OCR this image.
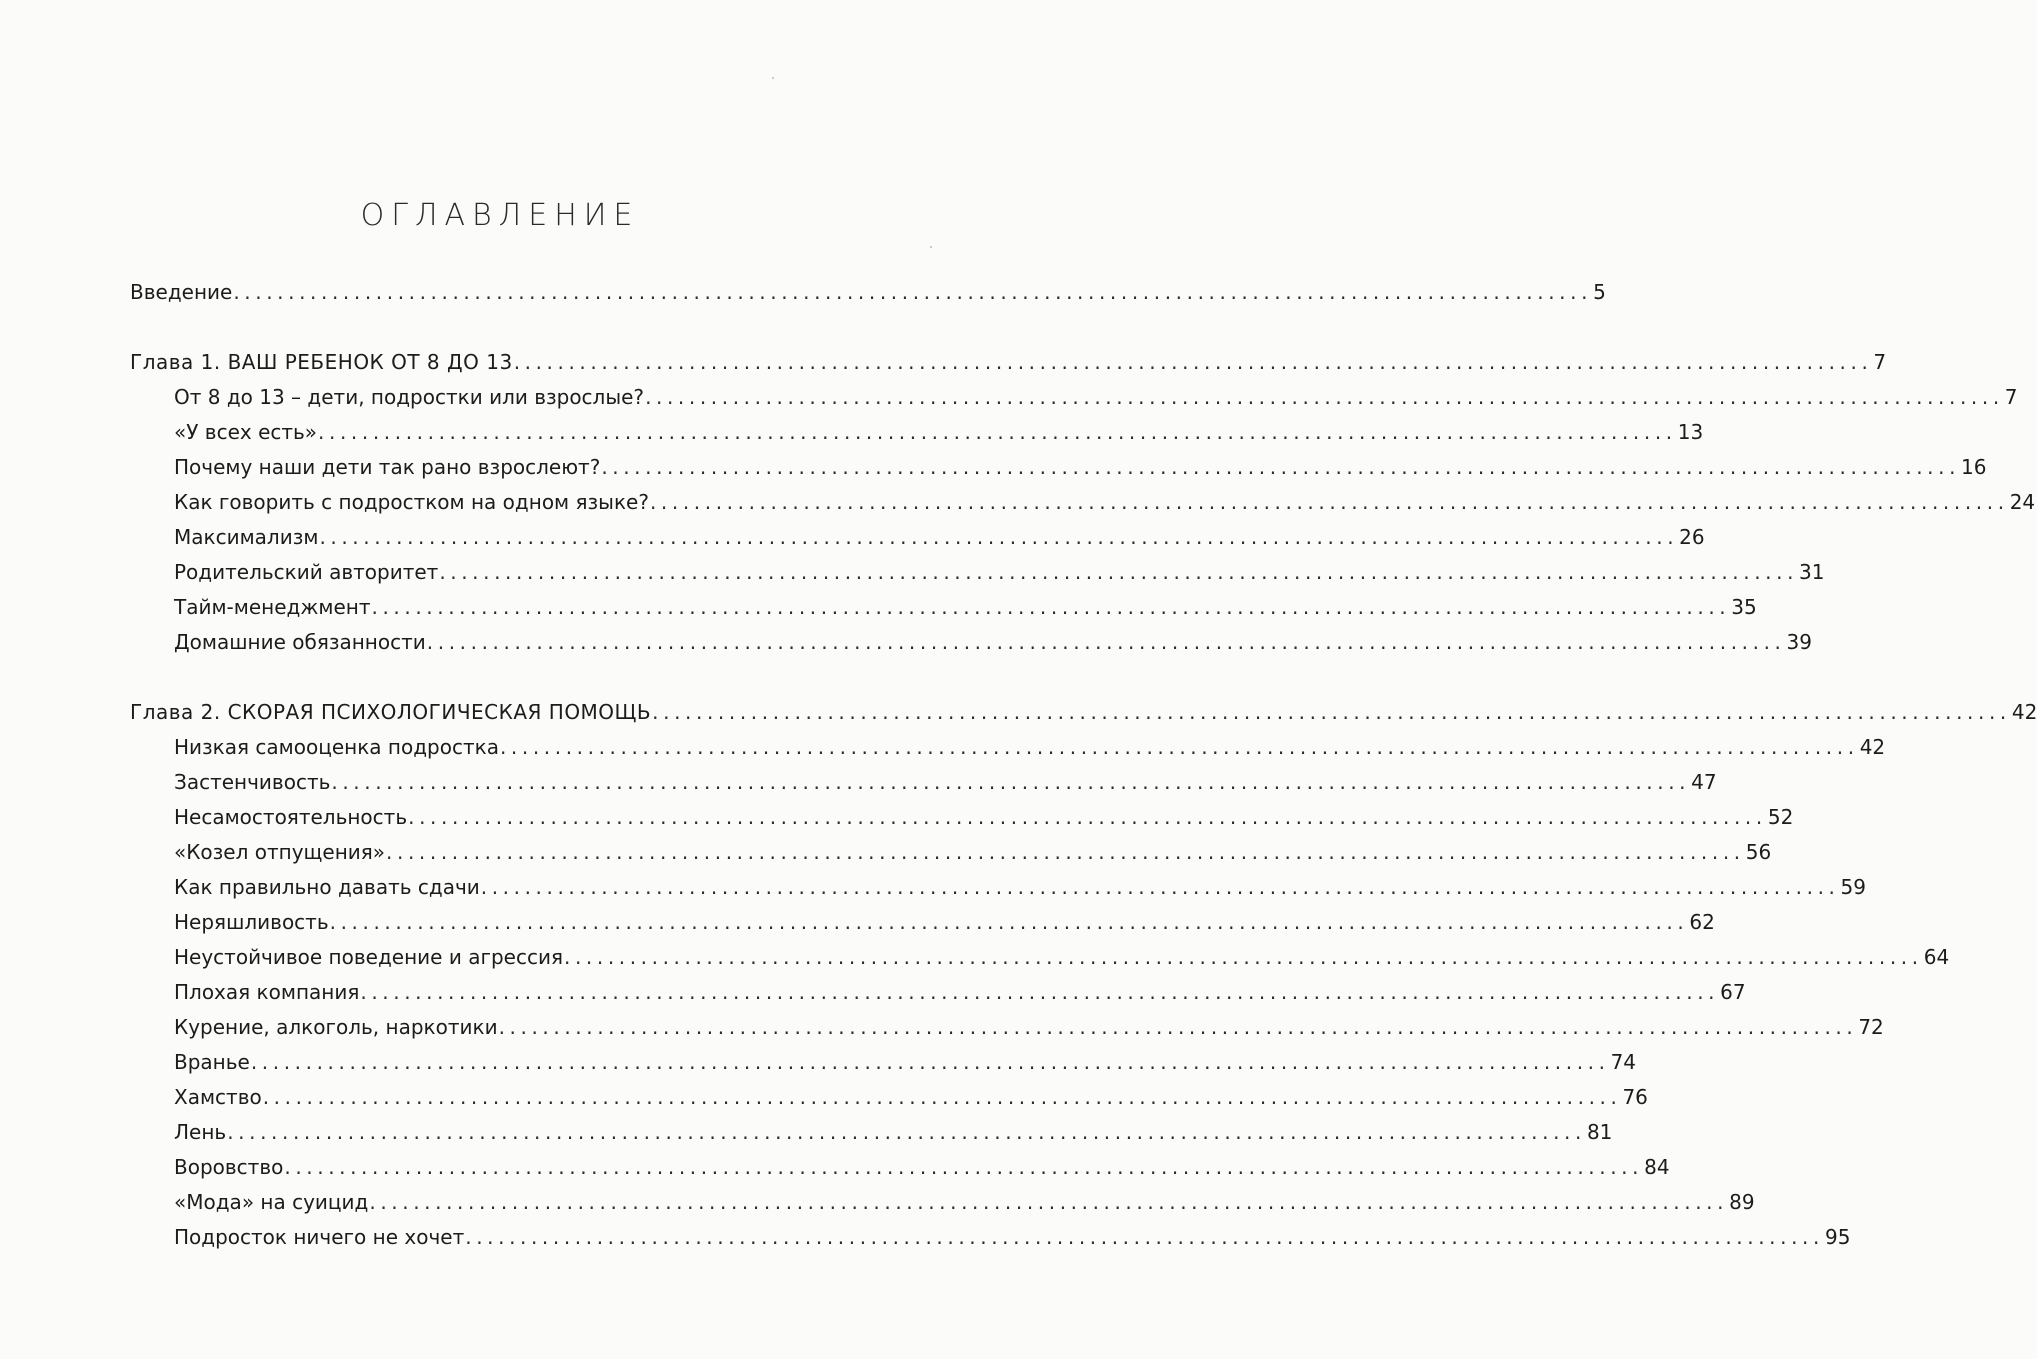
ОГЛАВЛЕНИЕ
Введение ............................................................................................................................ 5
Глава 1. ВАШ РЕБЕНОК ОТ 8 ДО 13 ............................................................................................................................ 7
От 8 до 13 – дети, подростки или взрослые? ............................................................................................................................ 7
«У всех есть» ............................................................................................................................ 13
Почему наши дети так рано взрослеют? ............................................................................................................................ 16
Как говорить с подростком на одном языке? ............................................................................................................................ 24
Максимализм ............................................................................................................................ 26
Родительский авторитет ............................................................................................................................ 31
Тайм-менеджмент ............................................................................................................................ 35
Домашние обязанности ............................................................................................................................ 39
Глава 2. СКОРАЯ ПСИХОЛОГИЧЕСКАЯ ПОМОЩЬ ............................................................................................................................ 42
Низкая самооценка подростка ............................................................................................................................ 42
Застенчивость ............................................................................................................................ 47
Несамостоятельность ............................................................................................................................ 52
«Козел отпущения» ............................................................................................................................ 56
Как правильно давать сдачи ............................................................................................................................ 59
Неряшливость ............................................................................................................................ 62
Неустойчивое поведение и агрессия ............................................................................................................................ 64
Плохая компания ............................................................................................................................ 67
Курение, алкоголь, наркотики ............................................................................................................................ 72
Вранье ............................................................................................................................ 74
Хамство ............................................................................................................................ 76
Лень ............................................................................................................................ 81
Воровство ............................................................................................................................ 84
«Мода» на суицид ............................................................................................................................ 89
Подросток ничего не хочет ............................................................................................................................ 95
